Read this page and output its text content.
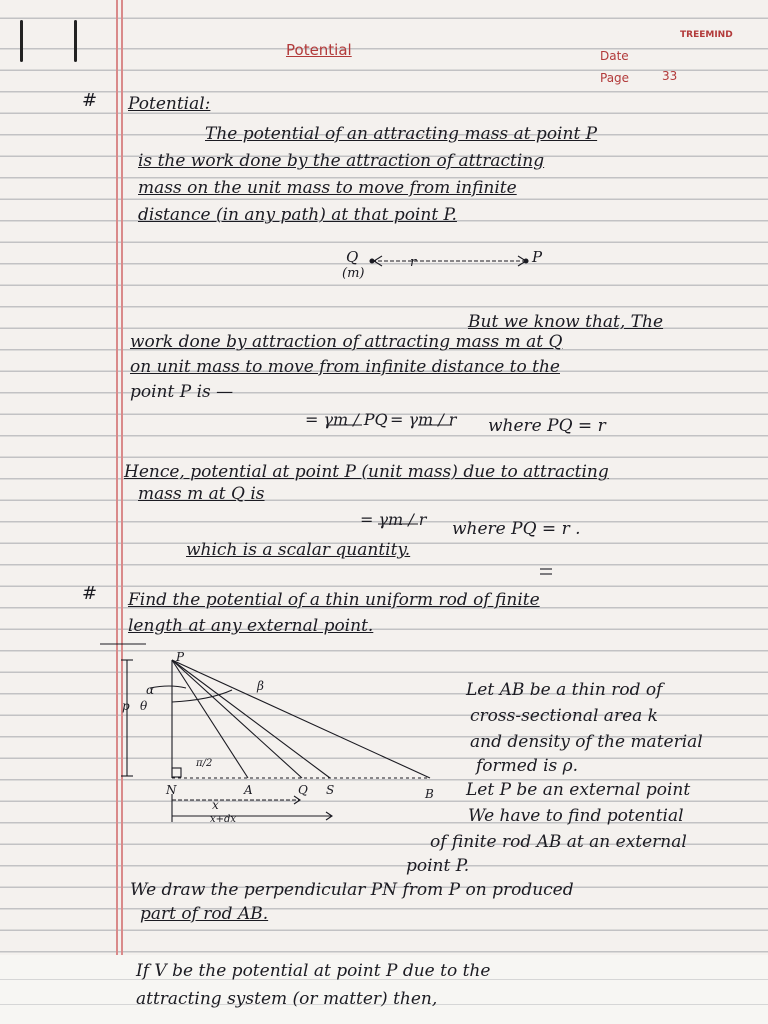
Potential
TREEMIND
Date
Page	33
# Potential:
The potential of an attracting mass at point P
is the work done by the attraction of attracting
mass on the unit mass to move from infinite
distance (in any path) at that point P.
Q
(m)
r	P
But we know that, The
work done by attraction of attracting mass m at Q
on unit mass to move from infinite distance to the
point P is —
= γm / PQ = γm / r where PQ = r
Hence, potential at point P (unit mass) due to attracting
mass m at Q is
= γm / r where PQ = r .
which is a scalar quantity.
# Find the potential of a thin uniform rod of finite
length at any external point.
Let AB be a thin rod of
cross-sectional area k
and density of the material
formed is ρ.
Let P be an external point
We have to find potential
of finite rod AB at an external
point P.
We draw the perpendicular PN from P on produced
part of rod AB.
P
p θ
α	β
π/2
N	A	Q S	B
x
x+dx
If V be the potential at point P due to the
attracting system (or matter) then,
